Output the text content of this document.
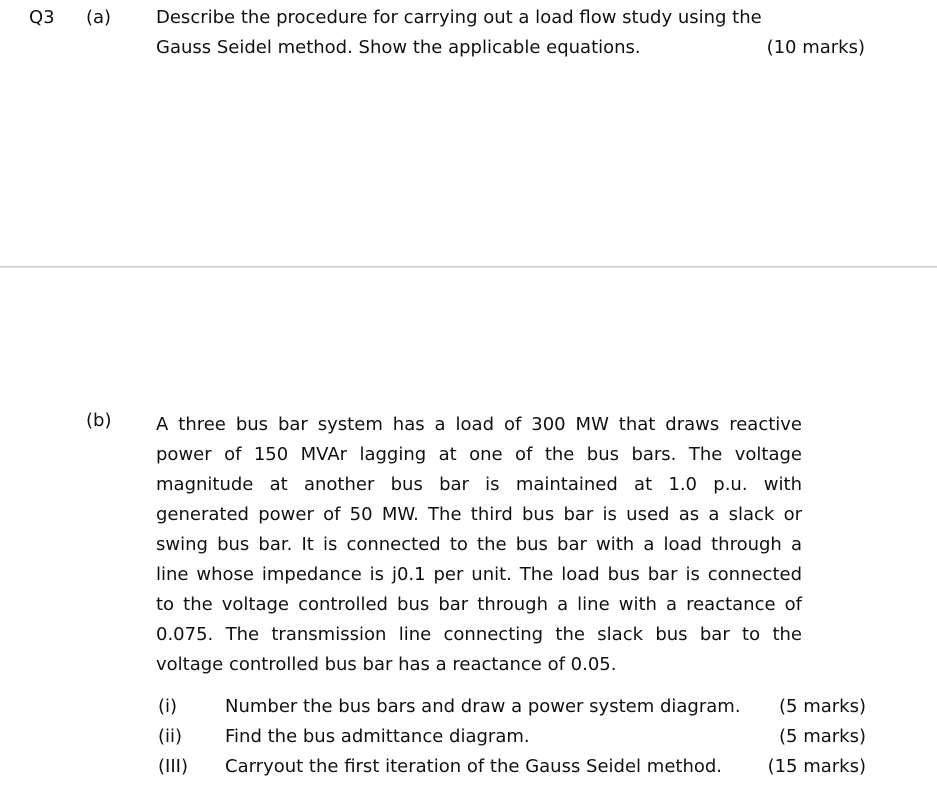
Q3 (a) Describe the procedure for carrying out a load flow study using the
Gauss Seidel method. Show the applicable equations.	(10 marks)
(b) A three bus bar system has a load of 300 MW that draws reactive
power of 150 MVAr lagging at one of the bus bars. The voltage
magnitude at another bus bar is maintained at 1.0 p.u. with
generated power of 50 MW. The third bus bar is used as a slack or
swing bus bar. It is connected to the bus bar with a load through a
line whose impedance is j0.1 per unit. The load bus bar is connected
to the voltage controlled bus bar through a line with a reactance of
0.075. The transmission line connecting the slack bus bar to the
voltage controlled bus bar has a reactance of 0.05.
(i)	Number the bus bars and draw a power system diagram. (5 marks)
(ii) Find the bus admittance diagram.	(5 marks)
(III) Carryout the first iteration of the Gauss Seidel method.	(15 marks)
